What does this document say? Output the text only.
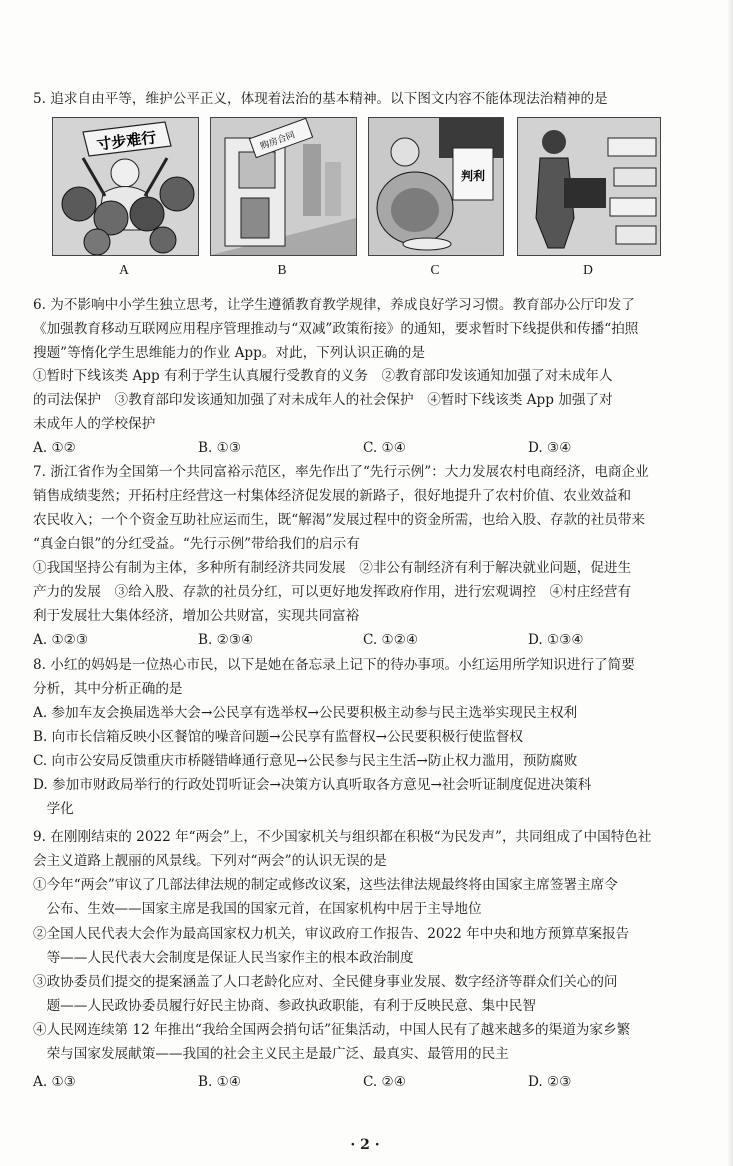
5. 追求自由平等，维护公平正义，体现着法治的基本精神。以下图文内容不能体现法治精神的是
寸步难行
A
购房合同
B
判利
C	D
6. 为不影响中小学生独立思考，让学生遵循教育教学规律，养成良好学习习惯。教育部办公厅印发了
《加强教育移动互联网应用程序管理推动与“双减”政策衔接》的通知，要求暂时下线提供和传播“拍照
搜题”等惰化学生思维能力的作业 App。对此，下列认识正确的是
①暂时下线该类 App 有利于学生认真履行受教育的义务　②教育部印发该通知加强了对未成年人
的司法保护　③教育部印发该通知加强了对未成年人的社会保护　④暂时下线该类 App 加强了对
未成年人的学校保护
A. ①②	B. ①③	C. ①④	D. ③④
7. 浙江省作为全国第一个共同富裕示范区，率先作出了“先行示例”：大力发展农村电商经济，电商企业
销售成绩斐然；开拓村庄经营这一村集体经济促发展的新路子，很好地提升了农村价值、农业效益和
农民收入；一个个资金互助社应运而生，既“解渴”发展过程中的资金所需，也给入股、存款的社员带来
“真金白银”的分红受益。“先行示例”带给我们的启示有
①我国坚持公有制为主体，多种所有制经济共同发展　②非公有制经济有利于解决就业问题，促进生
产力的发展　③给入股、存款的社员分红，可以更好地发挥政府作用，进行宏观调控　④村庄经营有
利于发展壮大集体经济，增加公共财富，实现共同富裕
A. ①②③	B. ②③④	C. ①②④	D. ①③④
8. 小红的妈妈是一位热心市民，以下是她在备忘录上记下的待办事项。小红运用所学知识进行了简要
分析，其中分析正确的是
A. 参加车友会换届选举大会→公民享有选举权→公民要积极主动参与民主选举实现民主权利
B. 向市长信箱反映小区餐馆的噪音问题→公民享有监督权→公民要积极行使监督权
C. 向市公安局反馈重庆市桥隧错峰通行意见→公民参与民主生活→防止权力滥用，预防腐败
D. 参加市财政局举行的行政处罚听证会→决策方认真听取各方意见→社会听证制度促进决策科
　学化
9. 在刚刚结束的 2022 年“两会”上，不少国家机关与组织都在积极“为民发声”，共同组成了中国特色社
会主义道路上靓丽的风景线。下列对“两会”的认识无误的是
①今年“两会”审议了几部法律法规的制定或修改议案，这些法律法规最终将由国家主席签署主席令
　公布、生效——国家主席是我国的国家元首，在国家机构中居于主导地位
②全国人民代表大会作为最高国家权力机关，审议政府工作报告、2022 年中央和地方预算草案报告
　等——人民代表大会制度是保证人民当家作主的根本政治制度
③政协委员们提交的提案涵盖了人口老龄化应对、全民健身事业发展、数字经济等群众们关心的问
　题——人民政协委员履行好民主协商、参政执政职能，有利于反映民意、集中民智
④人民网连续第 12 年推出“我给全国两会捎句话”征集活动，中国人民有了越来越多的渠道为家乡繁
　荣与国家发展献策——我国的社会主义民主是最广泛、最真实、最管用的民主
A. ①③	B. ①④	C. ②④	D. ②③
· 2 ·
